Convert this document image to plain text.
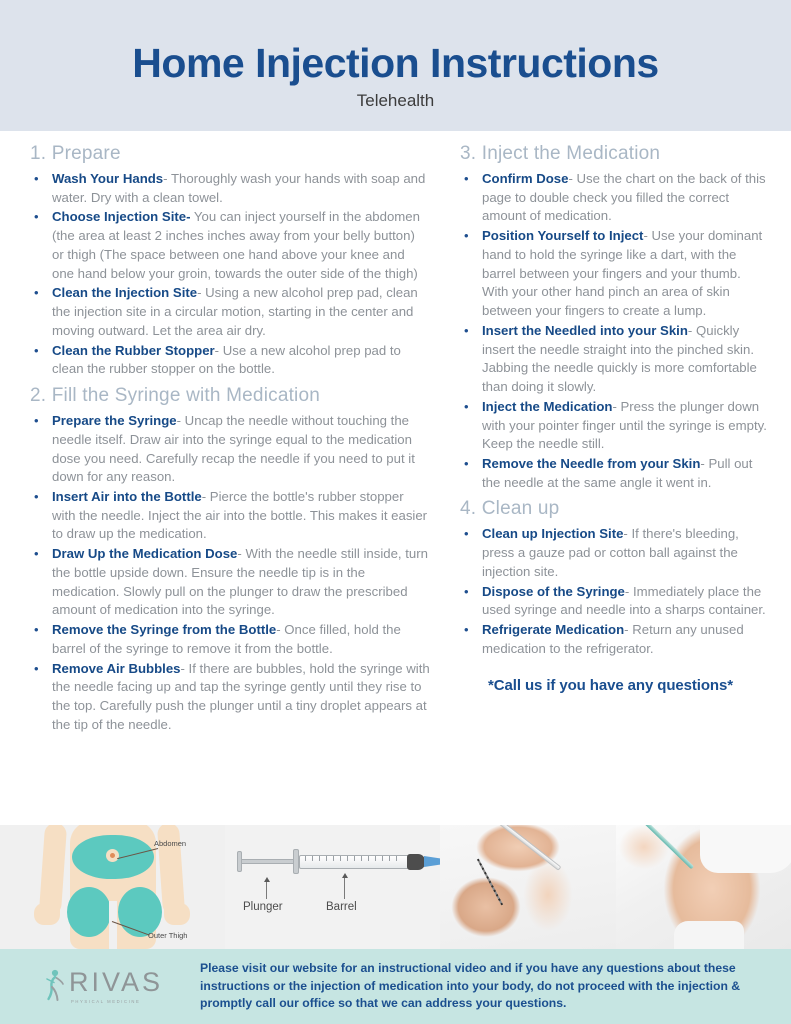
Home Injection Instructions
Telehealth
1. Prepare
• Wash Your Hands- Thoroughly wash your hands with soap and water. Dry with a clean towel.
• Choose Injection Site- You can inject yourself in the abdomen (the area at least 2 inches inches away from your belly button) or thigh (The space between one hand above your knee and one hand below your groin, towards the outer side of the thigh)
• Clean the Injection Site- Using a new alcohol prep pad, clean the injection site in a circular motion, starting in the center and moving outward. Let the area air dry.
• Clean the Rubber Stopper- Use a new alcohol prep pad to clean the rubber stopper on the bottle.
2. Fill the Syringe with Medication
• Prepare the Syringe- Uncap the needle without touching the needle itself. Draw air into the syringe equal to the medication dose you need. Carefully recap the needle if you need to put it down for any reason.
• Insert Air into the Bottle- Pierce the bottle's rubber stopper with the needle. Inject the air into the bottle. This makes it easier to draw up the medication.
• Draw Up the Medication Dose- With the needle still inside, turn the bottle upside down. Ensure the needle tip is in the medication. Slowly pull on the plunger to draw the prescribed amount of medication into the syringe.
• Remove the Syringe from the Bottle- Once filled, hold the barrel of the syringe to remove it from the bottle.
• Remove Air Bubbles- If there are bubbles, hold the syringe with the needle facing up and tap the syringe gently until they rise to the top. Carefully push the plunger until a tiny droplet appears at the tip of the needle.
3. Inject the Medication
• Confirm Dose- Use the chart on the back of this page to double check you filled the correct amount of medication.
• Position Yourself to Inject- Use your dominant hand to hold the syringe like a dart, with the barrel between your fingers and your thumb. With your other hand pinch an area of skin between your fingers to create a lump.
• Insert the Needled into your Skin- Quickly insert the needle straight into the pinched skin. Jabbing the needle quickly is more comfortable than doing it slowly.
• Inject the Medication- Press the plunger down with your pointer finger until the syringe is empty. Keep the needle still.
• Remove the Needle from your Skin- Pull out the needle at the same angle it went in.
4. Clean up
• Clean up Injection Site- If there's bleeding, press a gauze pad or cotton ball against the injection site.
• Dispose of the Syringe- Immediately place the used syringe and needle into a sharps container.
• Refrigerate Medication- Return any unused medication to the refrigerator.
*Call us if you have any questions*
Abdomen
Outer Thigh
Plunger	Barrel
RIVAS
PHYSICAL MEDICINE
Please visit our website for an instructional video and if you have any questions about these instructions or the injection of medication into your body, do not proceed with the injection & promptly call our office so that we can address your questions.
